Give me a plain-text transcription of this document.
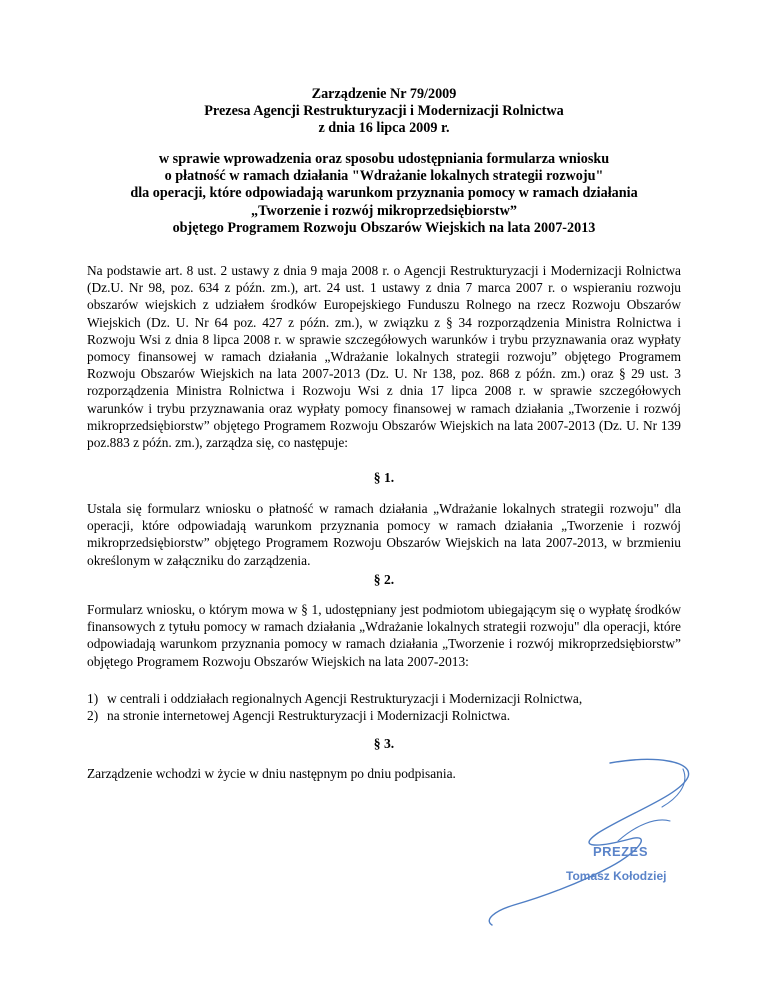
Zarządzenie Nr 79/2009
Prezesa Agencji Restrukturyzacji i Modernizacji Rolnictwa
z dnia 16 lipca 2009 r.
w sprawie wprowadzenia oraz sposobu udostępniania formularza wniosku
o płatność w ramach działania "Wdrażanie lokalnych strategii rozwoju"
dla operacji, które odpowiadają warunkom przyznania pomocy w ramach działania
„Tworzenie i rozwój mikroprzedsiębiorstw”
objętego Programem Rozwoju Obszarów Wiejskich na lata 2007-2013

Na podstawie art. 8 ust. 2 ustawy z dnia 9 maja 2008 r. o Agencji Restrukturyzacji i Modernizacji Rolnictwa (Dz.U. Nr 98, poz. 634 z późn. zm.), art. 24 ust. 1 ustawy z dnia 7 marca 2007 r. o wspieraniu rozwoju obszarów wiejskich z udziałem środków Europejskiego Funduszu Rolnego na rzecz Rozwoju Obszarów Wiejskich (Dz. U. Nr 64 poz. 427 z późn. zm.), w związku z § 34 rozporządzenia Ministra Rolnictwa i Rozwoju Wsi z dnia 8 lipca 2008 r. w sprawie szczegółowych warunków i trybu przyznawania oraz wypłaty pomocy finansowej w ramach działania „Wdrażanie lokalnych strategii rozwoju” objętego Programem Rozwoju Obszarów Wiejskich na lata 2007-2013 (Dz. U. Nr 138, poz. 868 z późn. zm.) oraz § 29 ust. 3 rozporządzenia Ministra Rolnictwa i Rozwoju Wsi z dnia 17 lipca 2008 r. w sprawie szczegółowych warunków i trybu przyznawania oraz wypłaty pomocy finansowej w ramach działania „Tworzenie i rozwój mikroprzedsiębiorstw” objętego Programem Rozwoju Obszarów Wiejskich na lata 2007-2013 (Dz. U. Nr 139 poz.883 z późn. zm.), zarządza się, co następuje:

§ 1.

Ustala się formularz wniosku o płatność w ramach działania „Wdrażanie lokalnych strategii rozwoju" dla operacji, które odpowiadają warunkom przyznania pomocy w ramach działania „Tworzenie i rozwój mikroprzedsiębiorstw” objętego Programem Rozwoju Obszarów Wiejskich na lata 2007-2013, w brzmieniu określonym w załączniku do zarządzenia.

§ 2.

Formularz wniosku, o którym mowa w § 1, udostępniany jest podmiotom ubiegającym się o wypłatę środków finansowych z tytułu pomocy w ramach działania „Wdrażanie lokalnych strategii rozwoju" dla operacji, które odpowiadają warunkom przyznania pomocy w ramach działania „Tworzenie i rozwój mikroprzedsiębiorstw” objętego Programem Rozwoju Obszarów Wiejskich na lata 2007-2013:

1) w centrali i oddziałach regionalnych Agencji Restrukturyzacji i Modernizacji Rolnictwa,
2) na stronie internetowej Agencji Restrukturyzacji i Modernizacji Rolnictwa.
§ 3.

Zarządzenie wchodzi w życie w dniu następnym po dniu podpisania.

PREZES
Tomasz Kołodziej
